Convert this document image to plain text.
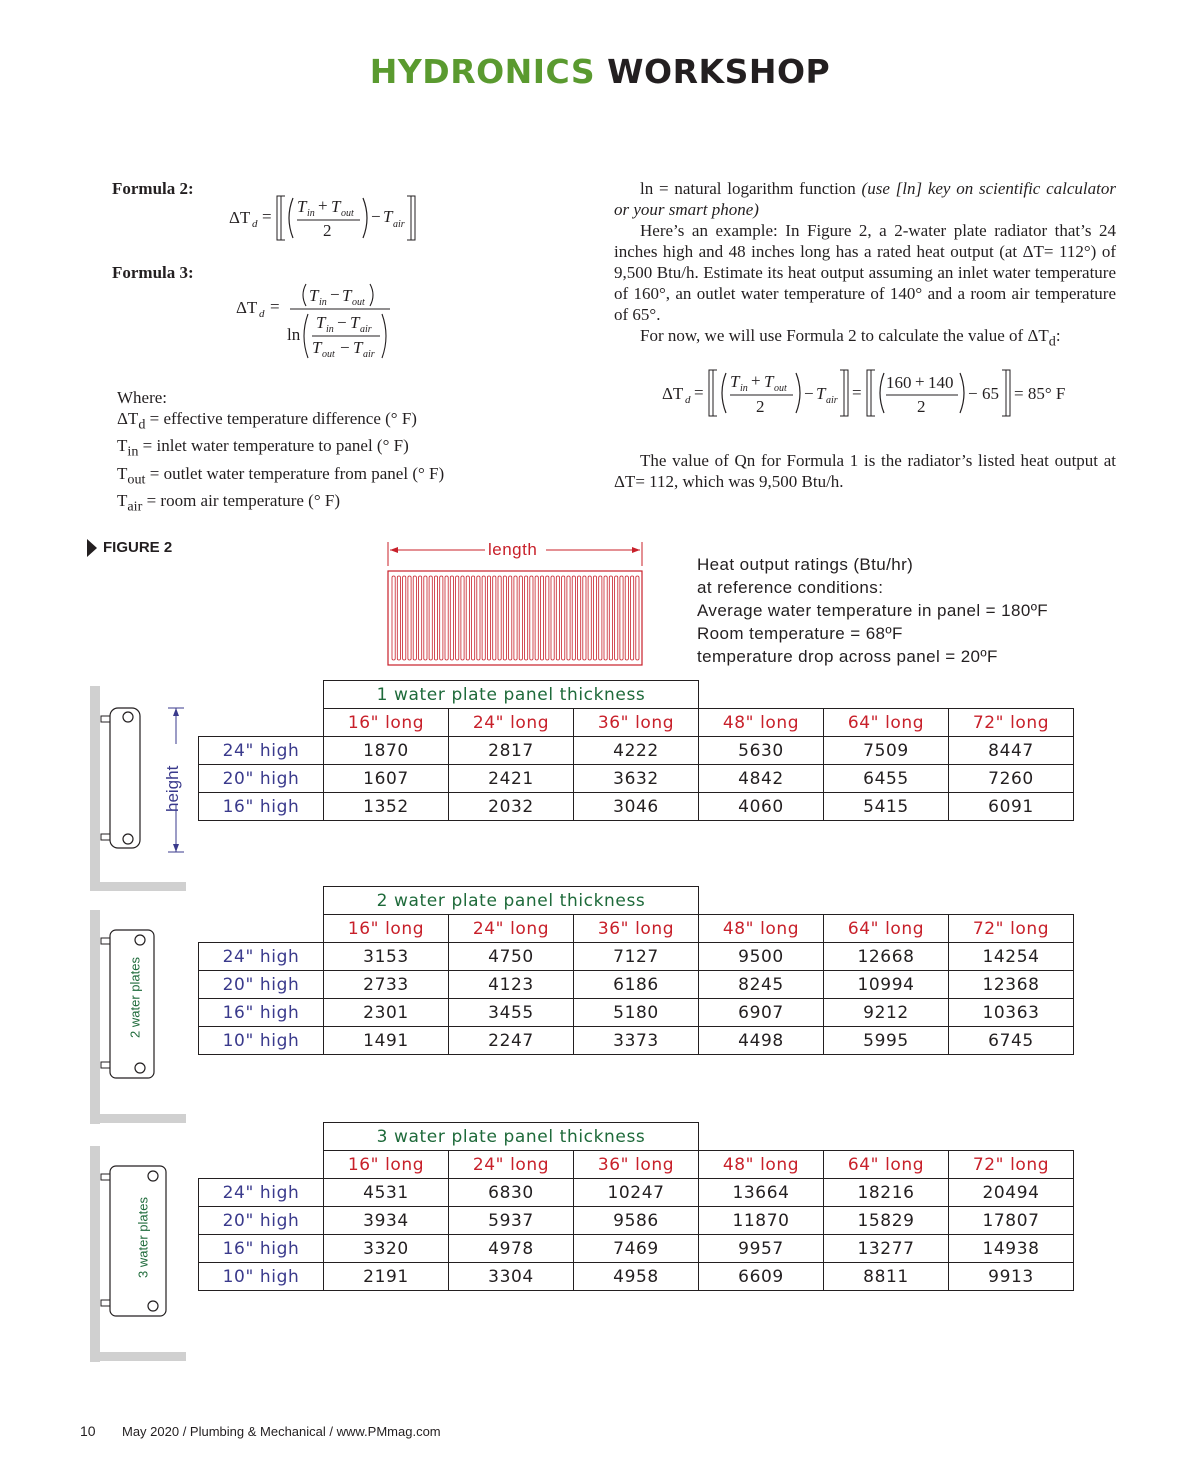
HYDRONICS WORKSHOP
Formula 2:
Formula 3:
ΔT d =
T in + T out
2
− T air
ΔT d =
T in − T out
ln
T in − T air
T out − T air
Where:
$\Delta T_d$ = effective temperature difference (° F)
$T_{in}$ = inlet water temperature to panel (° F)
$T_{out}$ = outlet water temperature from panel (° F)
$T_{air}$ = room air temperature (° F)

ln = natural logarithm function (use [ln] key on scientific calculator or your smart phone)

Here’s an example: In Figure 2, a 2-water plate radiator that’s 24 inches high and 48 inches long has a rated heat output (at ΔT= 112°) of 9,500 Btu/h. Estimate its heat output assuming an inlet water temperature of 160°, an outlet water temperature of 140° and a room air temperature of 65°.

For now, we will use Formula 2 to calculate the value of $\Delta T_d$:

ΔT d =
T in + T out
2
− T air =
160 + 140
2
− 65 = 85° F

The value of Qn for Formula 1 is the radiator’s listed heat output at ΔT= 112, which was 9,500 Btu/h.

FIGURE 2	length
Heat output ratings (Btu/hr)
at reference conditions:
Average water temperature in panel = 180ºF
Room temperature = 68ºF
temperature drop across panel = 20ºF
height
2 water plates
3 water plates
	1 water plate panel thickness					
	16" long	24" long	36" long	48" long	64" long	72" long
24" high	1870	2817	4222	5630	7509	8447
20" high	1607	2421	3632	4842	6455	7260
16" high	1352	2032	3046	4060	5415	6091
	2 water plate panel thickness					
	16" long	24" long	36" long	48" long	64" long	72" long
24" high	3153	4750	7127	9500	12668	14254
20" high	2733	4123	6186	8245	10994	12368
16" high	2301	3455	5180	6907	9212	10363
10" high	1491	2247	3373	4498	5995	6745
	3 water plate panel thickness					
	16" long	24" long	36" long	48" long	64" long	72" long
24" high	4531	6830	10247	13664	18216	20494
20" high	3934	5937	9586	11870	15829	17807
16" high	3320	4978	7469	9957	13277	14938
10" high	2191	3304	4958	6609	8811	9913
10 May 2020 / Plumbing & Mechanical / www.PMmag.com
